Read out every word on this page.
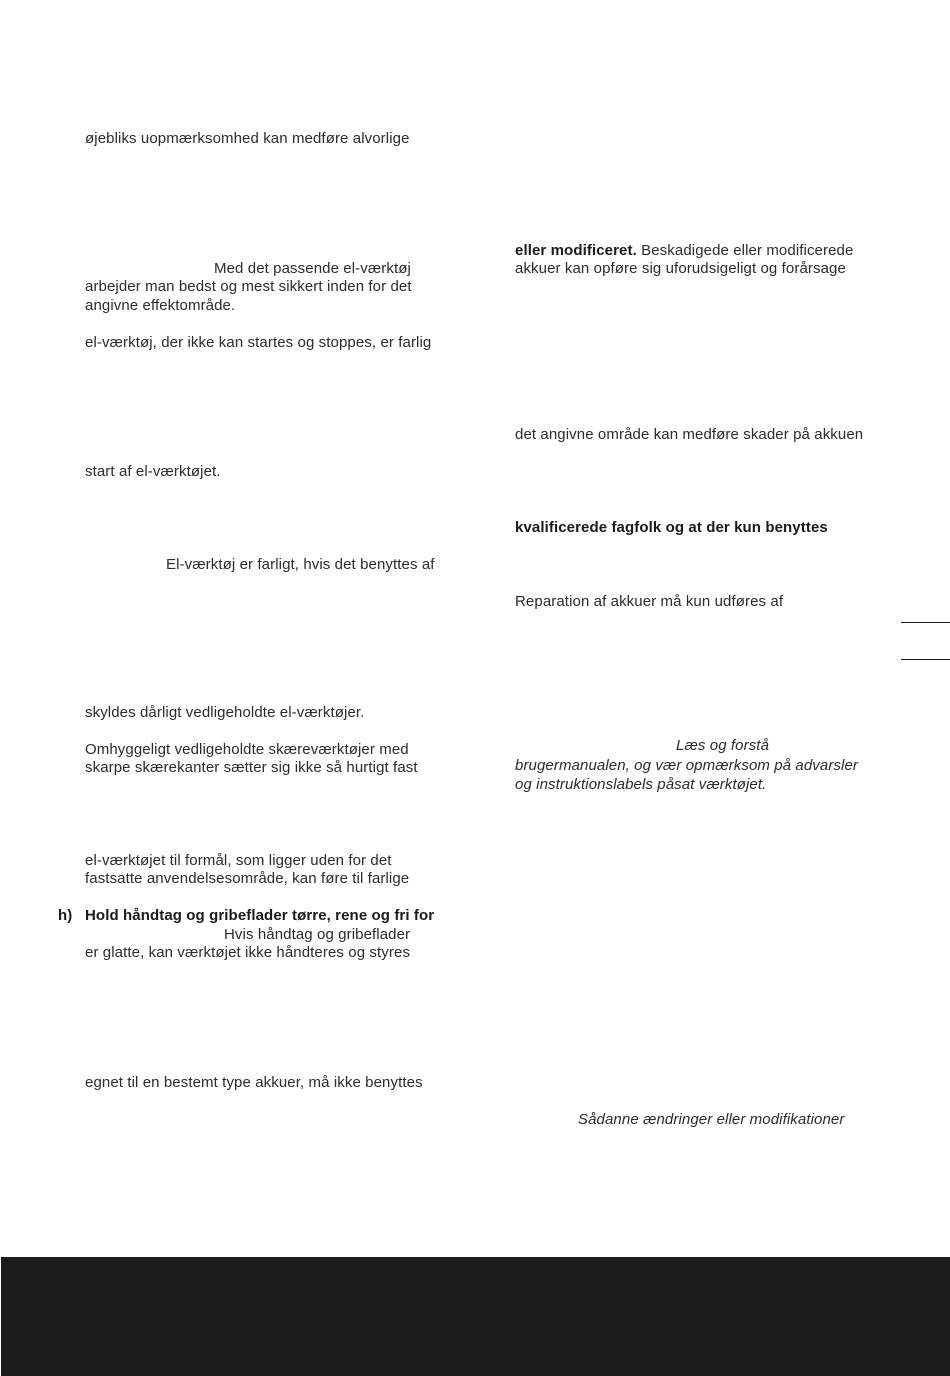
øjebliks uopmærksomhed kan medføre alvorlige

Med det passende el-værktøj

arbejder man bedst og mest sikkert inden for det

angivne effektområde.

el-værktøj, der ikke kan startes og stoppes, er farlig

start af el-værktøjet.

El-værktøj er farligt, hvis det benyttes af

skyldes dårligt vedligeholdte el-værktøjer.

Omhyggeligt vedligeholdte skæreværktøjer med

skarpe skærekanter sætter sig ikke så hurtigt fast

el-værktøjet til formål, som ligger uden for det

fastsatte anvendelsesområde, kan føre til farlige

h) Hold håndtag og gribeflader tørre, rene og fri for

Hvis håndtag og gribeflader

er glatte, kan værktøjet ikke håndteres og styres

egnet til en bestemt type akkuer, må ikke benyttes

eller modificeret. Beskadigede eller modificerede

akkuer kan opføre sig uforudsigeligt og forårsage

det angivne område kan medføre skader på akkuen

kvalificerede fagfolk og at der kun benyttes

Reparation af akkuer må kun udføres af

Læs og forstå

brugermanualen, og vær opmærksom på advarsler

og instruktionslabels påsat værktøjet.

Sådanne ændringer eller modifikationer
